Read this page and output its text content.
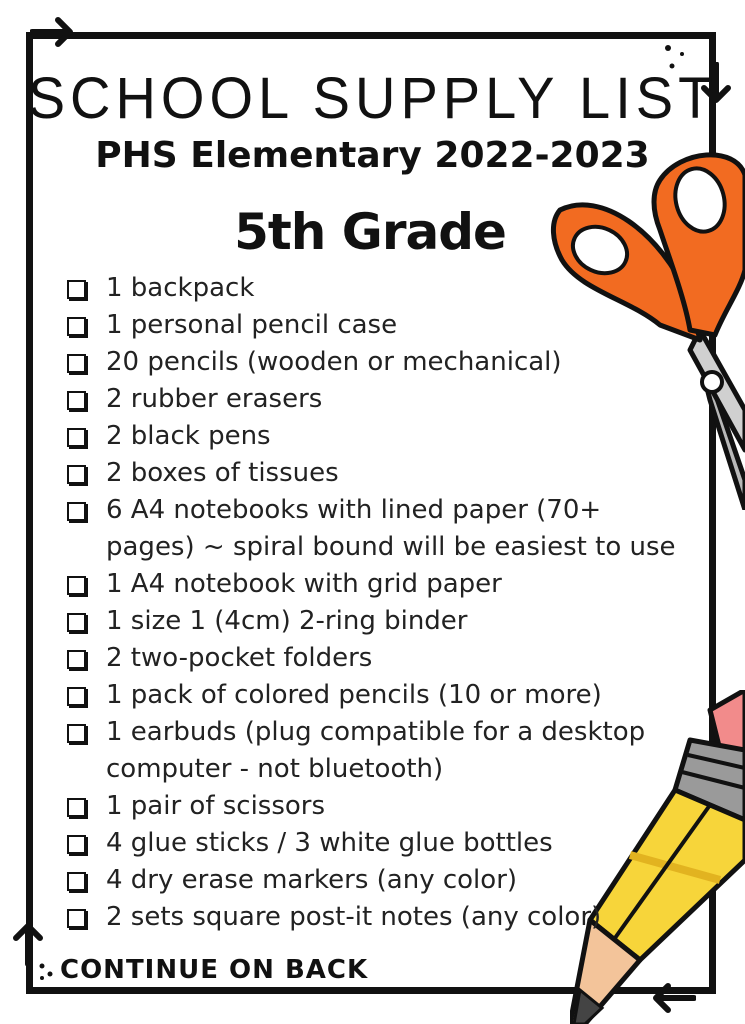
SCHOOL SUPPLY LIST
PHS Elementary 2022-2023
5th Grade
1 backpack
1 personal pencil case
20 pencils (wooden or mechanical)
2 rubber erasers
2 black pens
2 boxes of tissues
6 A4 notebooks with lined paper (70+ pages) ~ spiral bound will be easiest to use
1 A4 notebook with grid paper
1 size 1 (4cm) 2-ring binder
2 two-pocket folders
1 pack of colored pencils (10 or more)
1 earbuds (plug compatible for a desktop computer - not bluetooth)
1 pair of scissors
4 glue sticks / 3 white glue bottles
4 dry erase markers (any color)
2 sets square post-it notes (any color)
CONTINUE ON BACK
